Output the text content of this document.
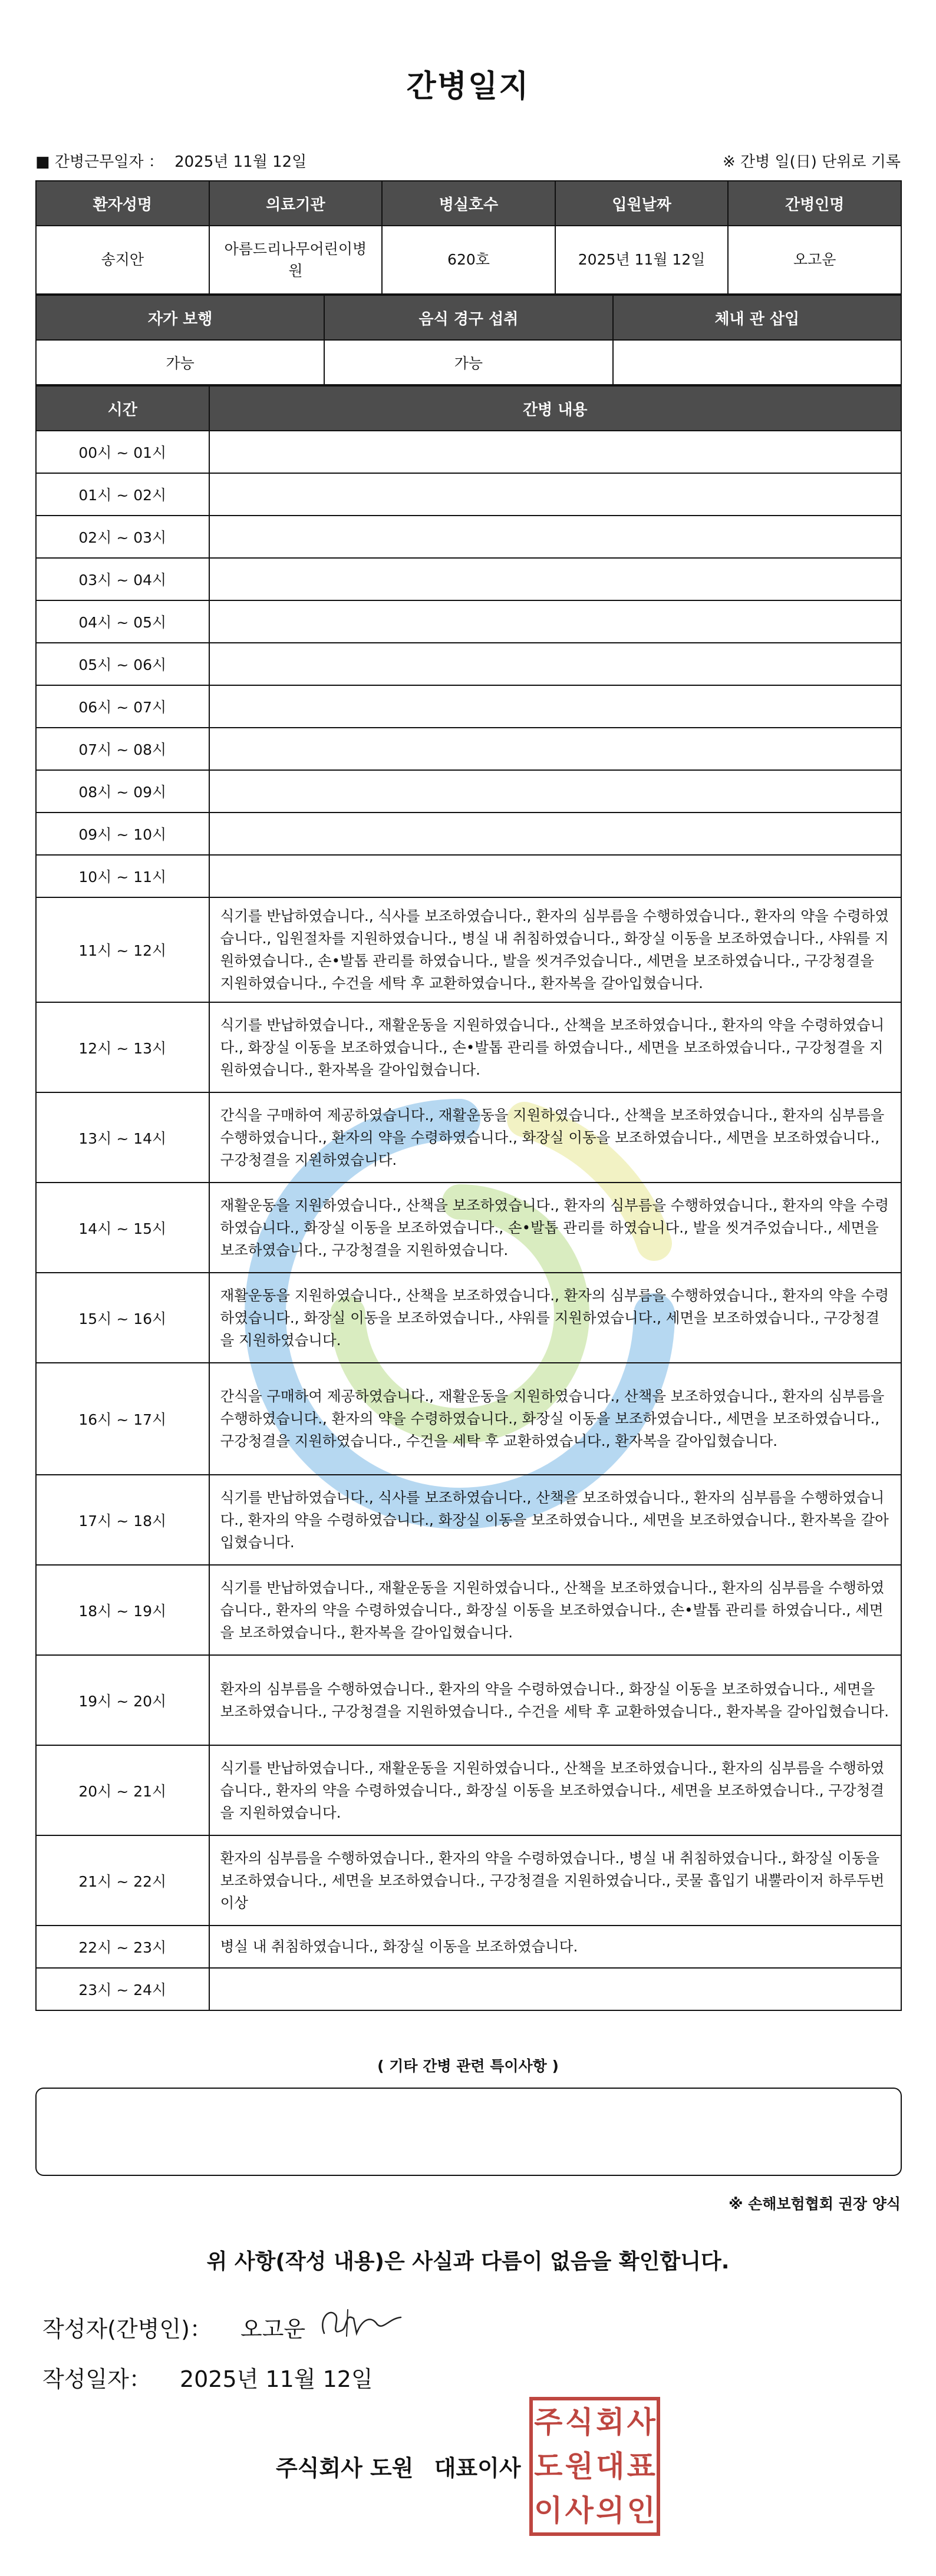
간병일지
■ 간병근무일자 ： 2025년 11월 12일	※ 간병 일(日) 단위로 기록
환자성명	의료기관	병실호수	입원날짜	간병인명
송지안	아름드리나무어린이병원	620호	2025년 11월 12일	오고운
자가 보행	음식 경구 섭취	체내 관 삽입
가능	가능	
시간	간병 내용
00시 ~ 01시	
01시 ~ 02시	
02시 ~ 03시	
03시 ~ 04시	
04시 ~ 05시	
05시 ~ 06시	
06시 ~ 07시	
07시 ~ 08시	
08시 ~ 09시	
09시 ~ 10시	
10시 ~ 11시	
11시 ~ 12시	식기를 반납하였습니다., 식사를 보조하였습니다., 환자의 심부름을 수행하였습니다., 환자의 약을 수령하였습니다., 입원절차를 지원하였습니다., 병실 내 취침하였습니다., 화장실 이동을 보조하였습니다., 샤워를 지원하였습니다., 손•발톱 관리를 하였습니다., 발을 씻겨주었습니다., 세면을 보조하였습니다., 구강청결을 지원하였습니다., 수건을 세탁 후 교환하였습니다., 환자복을 갈아입혔습니다.
12시 ~ 13시	식기를 반납하였습니다., 재활운동을 지원하였습니다., 산책을 보조하였습니다., 환자의 약을 수령하였습니다., 화장실 이동을 보조하였습니다., 손•발톱 관리를 하였습니다., 세면을 보조하였습니다., 구강청결을 지원하였습니다., 환자복을 갈아입혔습니다.
13시 ~ 14시	간식을 구매하여 제공하였습니다., 재활운동을 지원하였습니다., 산책을 보조하였습니다., 환자의 심부름을 수행하였습니다., 환자의 약을 수령하였습니다., 화장실 이동을 보조하였습니다., 세면을 보조하였습니다., 구강청결을 지원하였습니다.
14시 ~ 15시	재활운동을 지원하였습니다., 산책을 보조하였습니다., 환자의 심부름을 수행하였습니다., 환자의 약을 수령하였습니다., 화장실 이동을 보조하였습니다., 손•발톱 관리를 하였습니다., 발을 씻겨주었습니다., 세면을 보조하였습니다., 구강청결을 지원하였습니다.
15시 ~ 16시	재활운동을 지원하였습니다., 산책을 보조하였습니다., 환자의 심부름을 수행하였습니다., 환자의 약을 수령하였습니다., 화장실 이동을 보조하였습니다., 샤워를 지원하였습니다., 세면을 보조하였습니다., 구강청결을 지원하였습니다.
16시 ~ 17시	간식을 구매하여 제공하였습니다., 재활운동을 지원하였습니다., 산책을 보조하였습니다., 환자의 심부름을 수행하였습니다., 환자의 약을 수령하였습니다., 화장실 이동을 보조하였습니다., 세면을 보조하였습니다., 구강청결을 지원하였습니다., 수건을 세탁 후 교환하였습니다., 환자복을 갈아입혔습니다.
17시 ~ 18시	식기를 반납하였습니다., 식사를 보조하였습니다., 산책을 보조하였습니다., 환자의 심부름을 수행하였습니다., 환자의 약을 수령하였습니다., 화장실 이동을 보조하였습니다., 세면을 보조하였습니다., 환자복을 갈아입혔습니다.
18시 ~ 19시	식기를 반납하였습니다., 재활운동을 지원하였습니다., 산책을 보조하였습니다., 환자의 심부름을 수행하였습니다., 환자의 약을 수령하였습니다., 화장실 이동을 보조하였습니다., 손•발톱 관리를 하였습니다., 세면을 보조하였습니다., 환자복을 갈아입혔습니다.
19시 ~ 20시	환자의 심부름을 수행하였습니다., 환자의 약을 수령하였습니다., 화장실 이동을 보조하였습니다., 세면을 보조하였습니다., 구강청결을 지원하였습니다., 수건을 세탁 후 교환하였습니다., 환자복을 갈아입혔습니다.
20시 ~ 21시	식기를 반납하였습니다., 재활운동을 지원하였습니다., 산책을 보조하였습니다., 환자의 심부름을 수행하였습니다., 환자의 약을 수령하였습니다., 화장실 이동을 보조하였습니다., 세면을 보조하였습니다., 구강청결을 지원하였습니다.
21시 ~ 22시	환자의 심부름을 수행하였습니다., 환자의 약을 수령하였습니다., 병실 내 취침하였습니다., 화장실 이동을 보조하였습니다., 세면을 보조하였습니다., 구강청결을 지원하였습니다., 콧물 흡입기 내뿔라이저 하루두번 이상
22시 ~ 23시	병실 내 취침하였습니다., 화장실 이동을 보조하였습니다.
23시 ~ 24시	
( 기타 간병 관련 특이사항 )
※ 손해보험협회 권장 양식
위 사항(작성 내용)은 사실과 다름이 없음을 확인합니다.
작성자(간병인)： 오고운
작성일자： 2025년 11월 12일
주식회사 도원 대표이사
주 식 회 사
도 원 대 표
이 사 의 인
